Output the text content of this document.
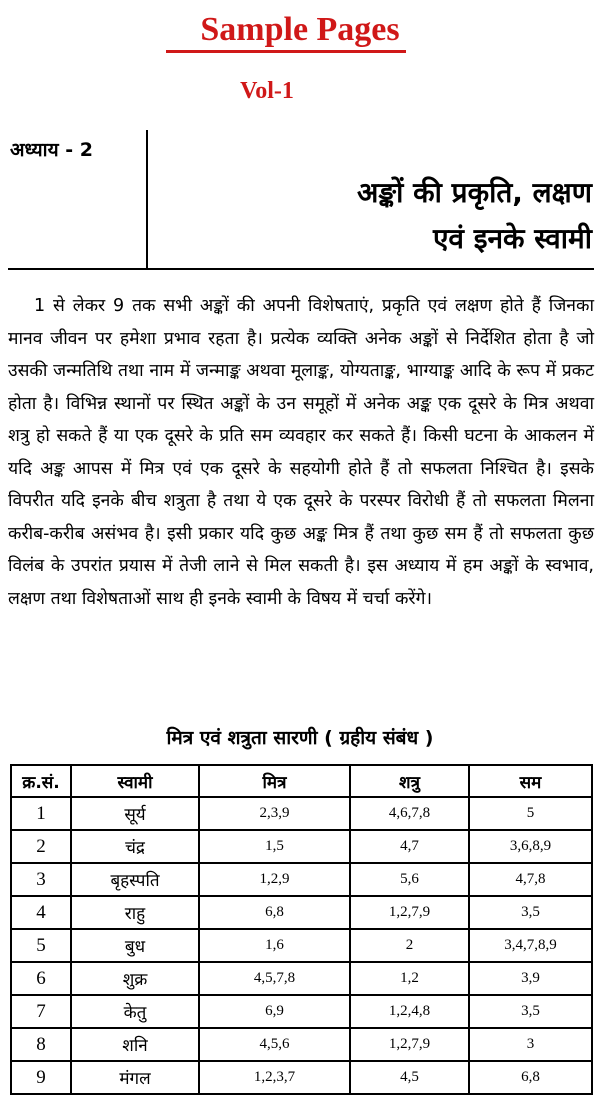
Sample Pages
Vol-1
अध्याय - 2
अङ्कों की प्रकृति, लक्षण
एवं इनके स्वामी

1 से लेकर 9 तक सभी अङ्कों की अपनी विशेषताएं, प्रकृति एवं लक्षण होते हैं जिनका मानव जीवन पर हमेशा प्रभाव रहता है। प्रत्येक व्यक्ति अनेक अङ्कों से निर्देशित होता है जो उसकी जन्मतिथि तथा नाम में जन्माङ्क अथवा मूलाङ्क, योग्यताङ्क, भाग्याङ्क आदि के रूप में प्रकट होता है। विभिन्न स्थानों पर स्थित अङ्कों के उन समूहों में अनेक अङ्क एक दूसरे के मित्र अथवा शत्रु हो सकते हैं या एक दूसरे के प्रति सम व्यवहार कर सकते हैं। किसी घटना के आकलन में यदि अङ्क आपस में मित्र एवं एक दूसरे के सहयोगी होते हैं तो सफलता निश्चित है। इसके विपरीत यदि इनके बीच शत्रुता है तथा ये एक दूसरे के परस्पर विरोधी हैं तो सफलता मिलना करीब-करीब असंभव है। इसी प्रकार यदि कुछ अङ्क मित्र हैं तथा कुछ सम हैं तो सफलता कुछ विलंब के उपरांत प्रयास में तेजी लाने से मिल सकती है। इस अध्याय में हम अङ्कों के स्वभाव, लक्षण तथा विशेषताओं साथ ही इनके स्वामी के विषय में चर्चा करेंगे।

मित्र एवं शत्रुता सारणी ( ग्रहीय संबंध )
क्र.सं.	स्वामी	मित्र	शत्रु	सम
1	सूर्य	2,3,9	4,6,7,8	5
2	चंद्र	1,5	4,7	3,6,8,9
3	बृहस्पति	1,2,9	5,6	4,7,8
4	राहु	6,8	1,2,7,9	3,5
5	बुध	1,6	2	3,4,7,8,9
6	शुक्र	4,5,7,8	1,2	3,9
7	केतु	6,9	1,2,4,8	3,5
8	शनि	4,5,6	1,2,7,9	3
9	मंगल	1,2,3,7	4,5	6,8
